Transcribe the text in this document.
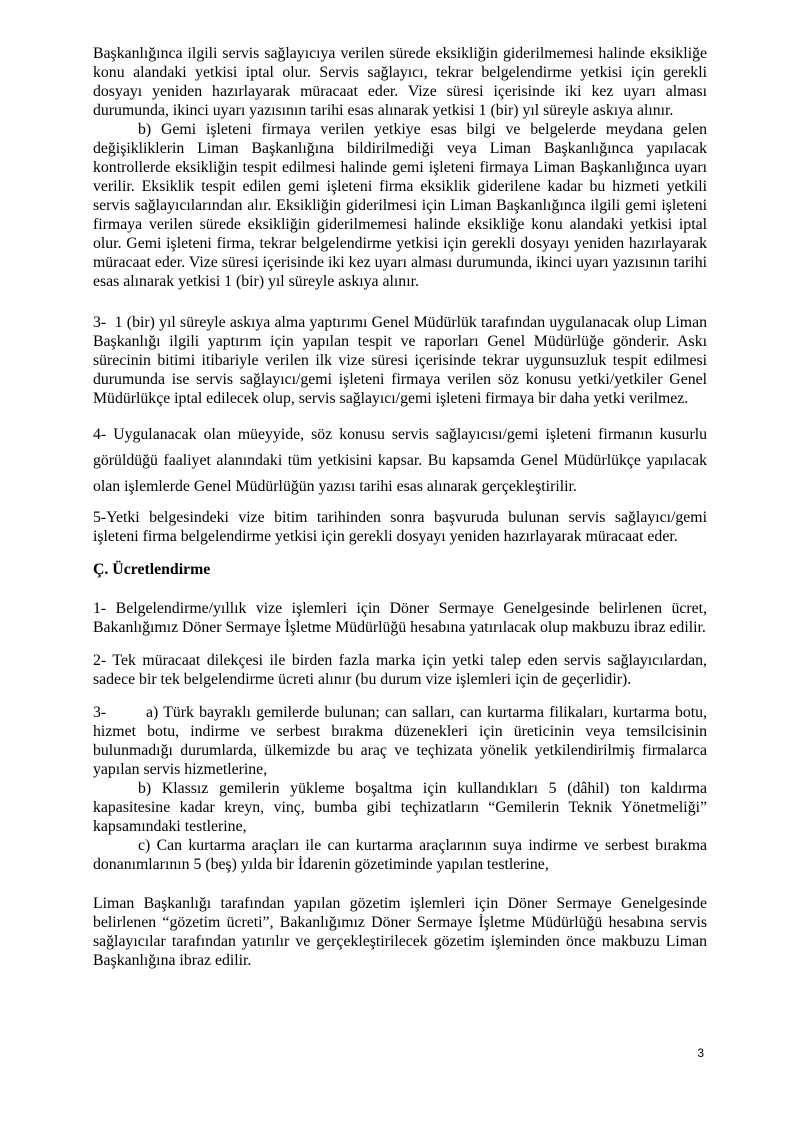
Başkanlığınca ilgili servis sağlayıcıya verilen sürede eksikliğin giderilmemesi halinde eksikliğe konu alandaki yetkisi iptal olur. Servis sağlayıcı, tekrar belgelendirme yetkisi için gerekli dosyayı yeniden hazırlayarak müracaat eder. Vize süresi içerisinde iki kez uyarı alması durumunda, ikinci uyarı yazısının tarihi esas alınarak yetkisi 1 (bir) yıl süreyle askıya alınır.

b) Gemi işleteni firmaya verilen yetkiye esas bilgi ve belgelerde meydana gelen değişikliklerin Liman Başkanlığına bildirilmediği veya Liman Başkanlığınca yapılacak kontrollerde eksikliğin tespit edilmesi halinde gemi işleteni firmaya Liman Başkanlığınca uyarı verilir. Eksiklik tespit edilen gemi işleteni firma eksiklik giderilene kadar bu hizmeti yetkili servis sağlayıcılarından alır. Eksikliğin giderilmesi için Liman Başkanlığınca ilgili gemi işleteni firmaya verilen sürede eksikliğin giderilmemesi halinde eksikliğe konu alandaki yetkisi iptal olur. Gemi işleteni firma, tekrar belgelendirme yetkisi için gerekli dosyayı yeniden hazırlayarak müracaat eder. Vize süresi içerisinde iki kez uyarı alması durumunda, ikinci uyarı yazısının tarihi esas alınarak yetkisi 1 (bir) yıl süreyle askıya alınır.

3-  1 (bir) yıl süreyle askıya alma yaptırımı Genel Müdürlük tarafından uygulanacak olup Liman Başkanlığı ilgili yaptırım için yapılan tespit ve raporları Genel Müdürlüğe gönderir. Askı sürecinin bitimi itibariyle verilen ilk vize süresi içerisinde tekrar uygunsuzluk tespit edilmesi durumunda ise servis sağlayıcı/gemi işleteni firmaya verilen söz konusu yetki/yetkiler Genel Müdürlükçe iptal edilecek olup, servis sağlayıcı/gemi işleteni firmaya bir daha yetki verilmez.

4- Uygulanacak olan müeyyide, söz konusu servis sağlayıcısı/gemi işleteni firmanın kusurlu görüldüğü faaliyet alanındaki tüm yetkisini kapsar. Bu kapsamda Genel Müdürlükçe yapılacak olan işlemlerde Genel Müdürlüğün yazısı tarihi esas alınarak gerçekleştirilir.

5-Yetki belgesindeki vize bitim tarihinden sonra başvuruda bulunan servis sağlayıcı/gemi işleteni firma belgelendirme yetkisi için gerekli dosyayı yeniden hazırlayarak müracaat eder.

Ç. Ücretlendirme

1- Belgelendirme/yıllık vize işlemleri için Döner Sermaye Genelgesinde belirlenen ücret, Bakanlığımız Döner Sermaye İşletme Müdürlüğü hesabına yatırılacak olup makbuzu ibraz edilir.

2- Tek müracaat dilekçesi ile birden fazla marka için yetki talep eden servis sağlayıcılardan, sadece bir tek belgelendirme ücreti alınır (bu durum vize işlemleri için de geçerlidir).

3-	a) Türk bayraklı gemilerde bulunan; can salları, can kurtarma filikaları, kurtarma botu, hizmet botu, indirme ve serbest bırakma düzenekleri için üreticinin veya temsilcisinin bulunmadığı durumlarda, ülkemizde bu araç ve teçhizata yönelik yetkilendirilmiş firmalarca yapılan servis hizmetlerine,

b) Klassız gemilerin yükleme boşaltma için kullandıkları 5 (dâhil) ton kaldırma kapasitesine kadar kreyn, vinç, bumba gibi teçhizatların “Gemilerin Teknik Yönetmeliği” kapsamındaki testlerine,

c) Can kurtarma araçları ile can kurtarma araçlarının suya indirme ve serbest bırakma donanımlarının 5 (beş) yılda bir İdarenin gözetiminde yapılan testlerine,

Liman Başkanlığı tarafından yapılan gözetim işlemleri için Döner Sermaye Genelgesinde belirlenen “gözetim ücreti”, Bakanlığımız Döner Sermaye İşletme Müdürlüğü hesabına servis sağlayıcılar tarafından yatırılır ve gerçekleştirilecek gözetim işleminden önce makbuzu Liman Başkanlığına ibraz edilir.

3
